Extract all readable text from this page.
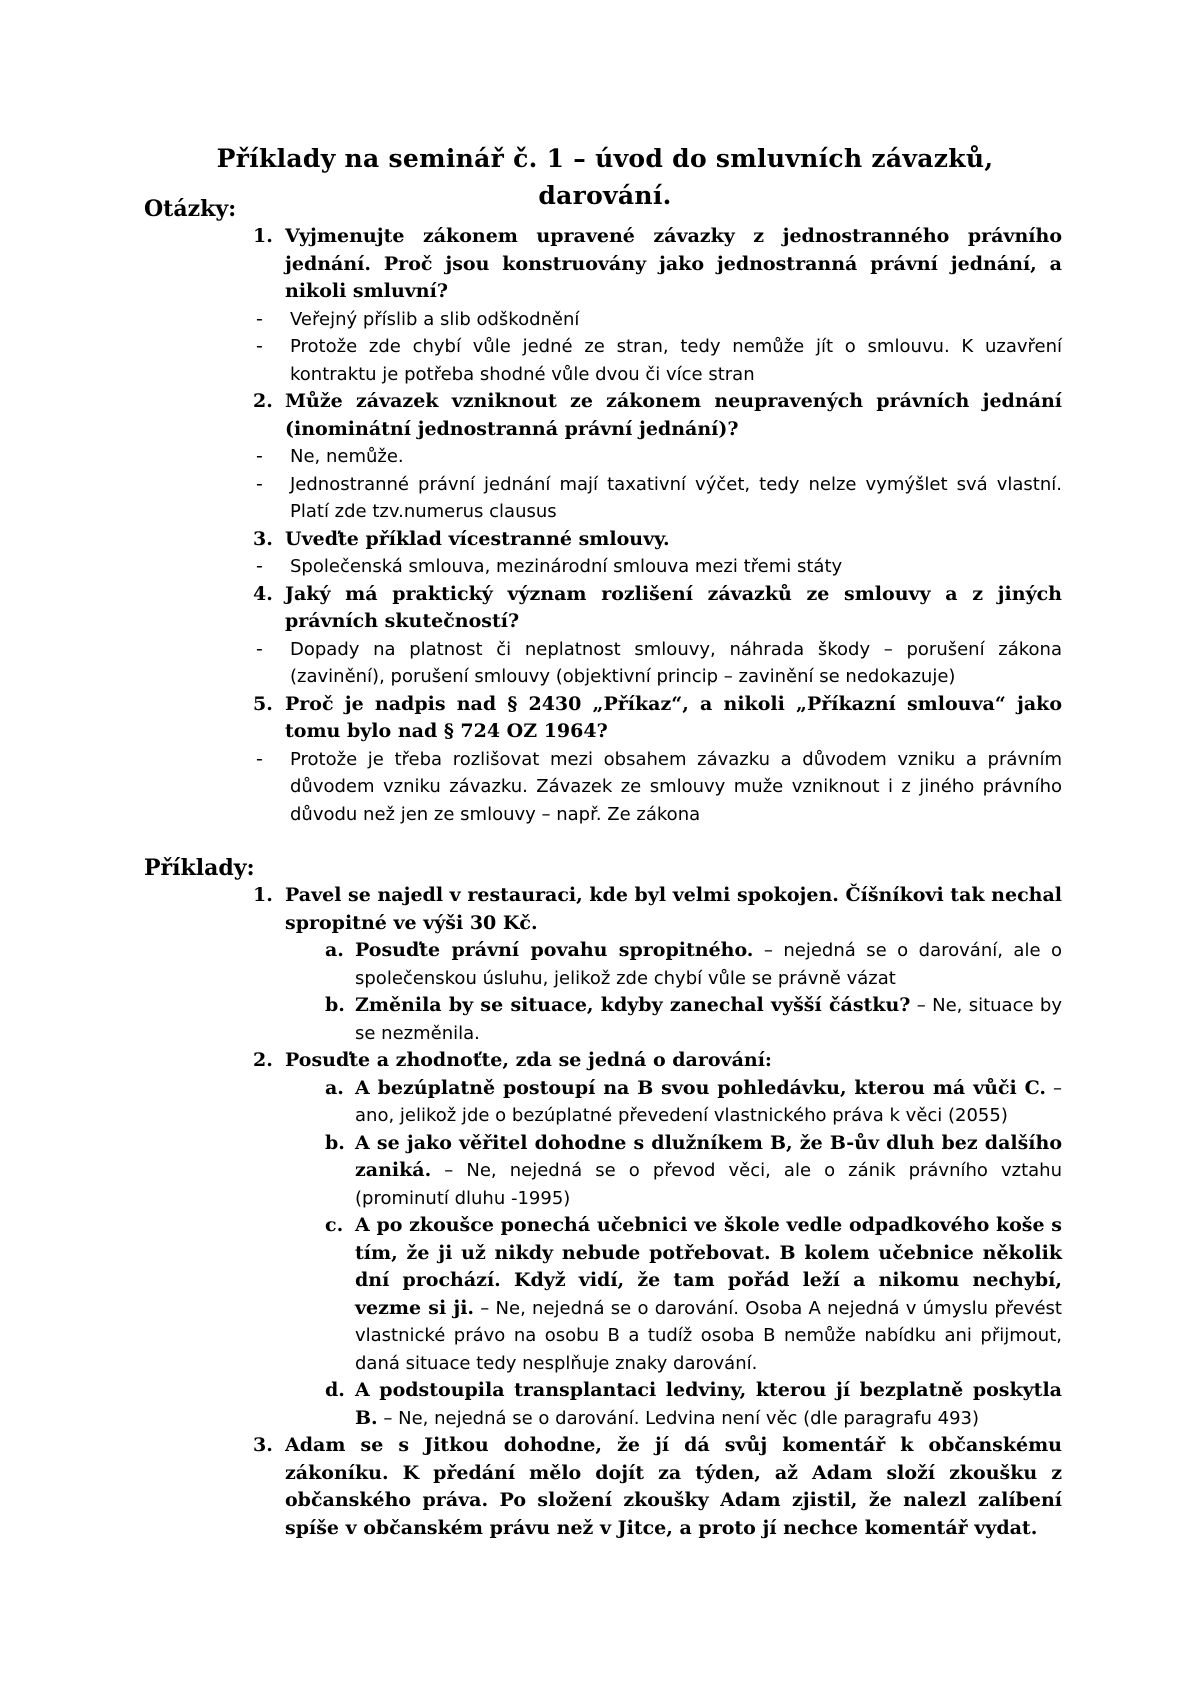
Příklady na seminář č. 1 – úvod do smluvních závazků, darování.
Otázky:
1. Vyjmenujte zákonem upravené závazky z jednostranného právního jednání. Proč jsou konstruovány jako jednostranná právní jednání, a nikoli smluvní?
-	Veřejný příslib a slib odškodnění
-	Protože zde chybí vůle jedné ze stran, tedy nemůže jít o smlouvu. K uzavření kontraktu je potřeba shodné vůle dvou či více stran
2. Může závazek vzniknout ze zákonem neupravených právních jednání (inominátní jednostranná právní jednání)?
-	Ne, nemůže.
-	Jednostranné právní jednání mají taxativní výčet, tedy nelze vymýšlet svá vlastní. Platí zde tzv.numerus clausus
3. Uveďte příklad vícestranné smlouvy.
-	Společenská smlouva, mezinárodní smlouva mezi třemi státy
4. Jaký má praktický význam rozlišení závazků ze smlouvy a z jiných právních skutečností?
-	Dopady na platnost či neplatnost smlouvy, náhrada škody – porušení zákona (zavinění), porušení smlouvy (objektivní princip – zavinění se nedokazuje)
5. Proč je nadpis nad § 2430 „Příkaz“, a nikoli „Příkazní smlouva“ jako tomu bylo nad § 724 OZ 1964?
-	Protože je třeba rozlišovat mezi obsahem závazku a důvodem vzniku a právním důvodem vzniku závazku. Závazek ze smlouvy muže vzniknout i z jiného právního důvodu než jen ze smlouvy – např. Ze zákona
Příklady:
1. Pavel se najedl v restauraci, kde byl velmi spokojen. Číšníkovi tak nechal spropitné ve výši 30 Kč.
a. Posuďte právní povahu spropitného. – nejedná se o darování, ale o společenskou úsluhu, jelikož zde chybí vůle se právně vázat
b. Změnila by se situace, kdyby zanechal vyšší částku? – Ne, situace by se nezměnila.
2. Posuďte a zhodnoťte, zda se jedná o darování:
a. A bezúplatně postoupí na B svou pohledávku, kterou má vůči C. – ano, jelikož jde o bezúplatné převedení vlastnického práva k věci (2055)
b. A se jako věřitel dohodne s dlužníkem B, že B-ův dluh bez dalšího zaniká. – Ne, nejedná se o převod věci, ale o zánik právního vztahu (prominutí dluhu -1995)
c. A po zkoušce ponechá učebnici ve škole vedle odpadkového koše s tím, že ji už nikdy nebude potřebovat. B kolem učebnice několik dní prochází. Když vidí, že tam pořád leží a nikomu nechybí, vezme si ji. – Ne, nejedná se o darování. Osoba A nejedná v úmyslu převést vlastnické právo na osobu B a tudíž osoba B nemůže nabídku ani přijmout, daná situace tedy nesplňuje znaky darování.
d. A podstoupila transplantaci ledviny, kterou jí bezplatně poskytla B. – Ne, nejedná se o darování. Ledvina není věc (dle paragrafu 493)
3. Adam se s Jitkou dohodne, že jí dá svůj komentář k občanskému zákoníku. K předání mělo dojít za týden, až Adam složí zkoušku z občanského práva. Po složení zkoušky Adam zjistil, že nalezl zalíbení spíše v občanském právu než v Jitce, a proto jí nechce komentář vydat.
